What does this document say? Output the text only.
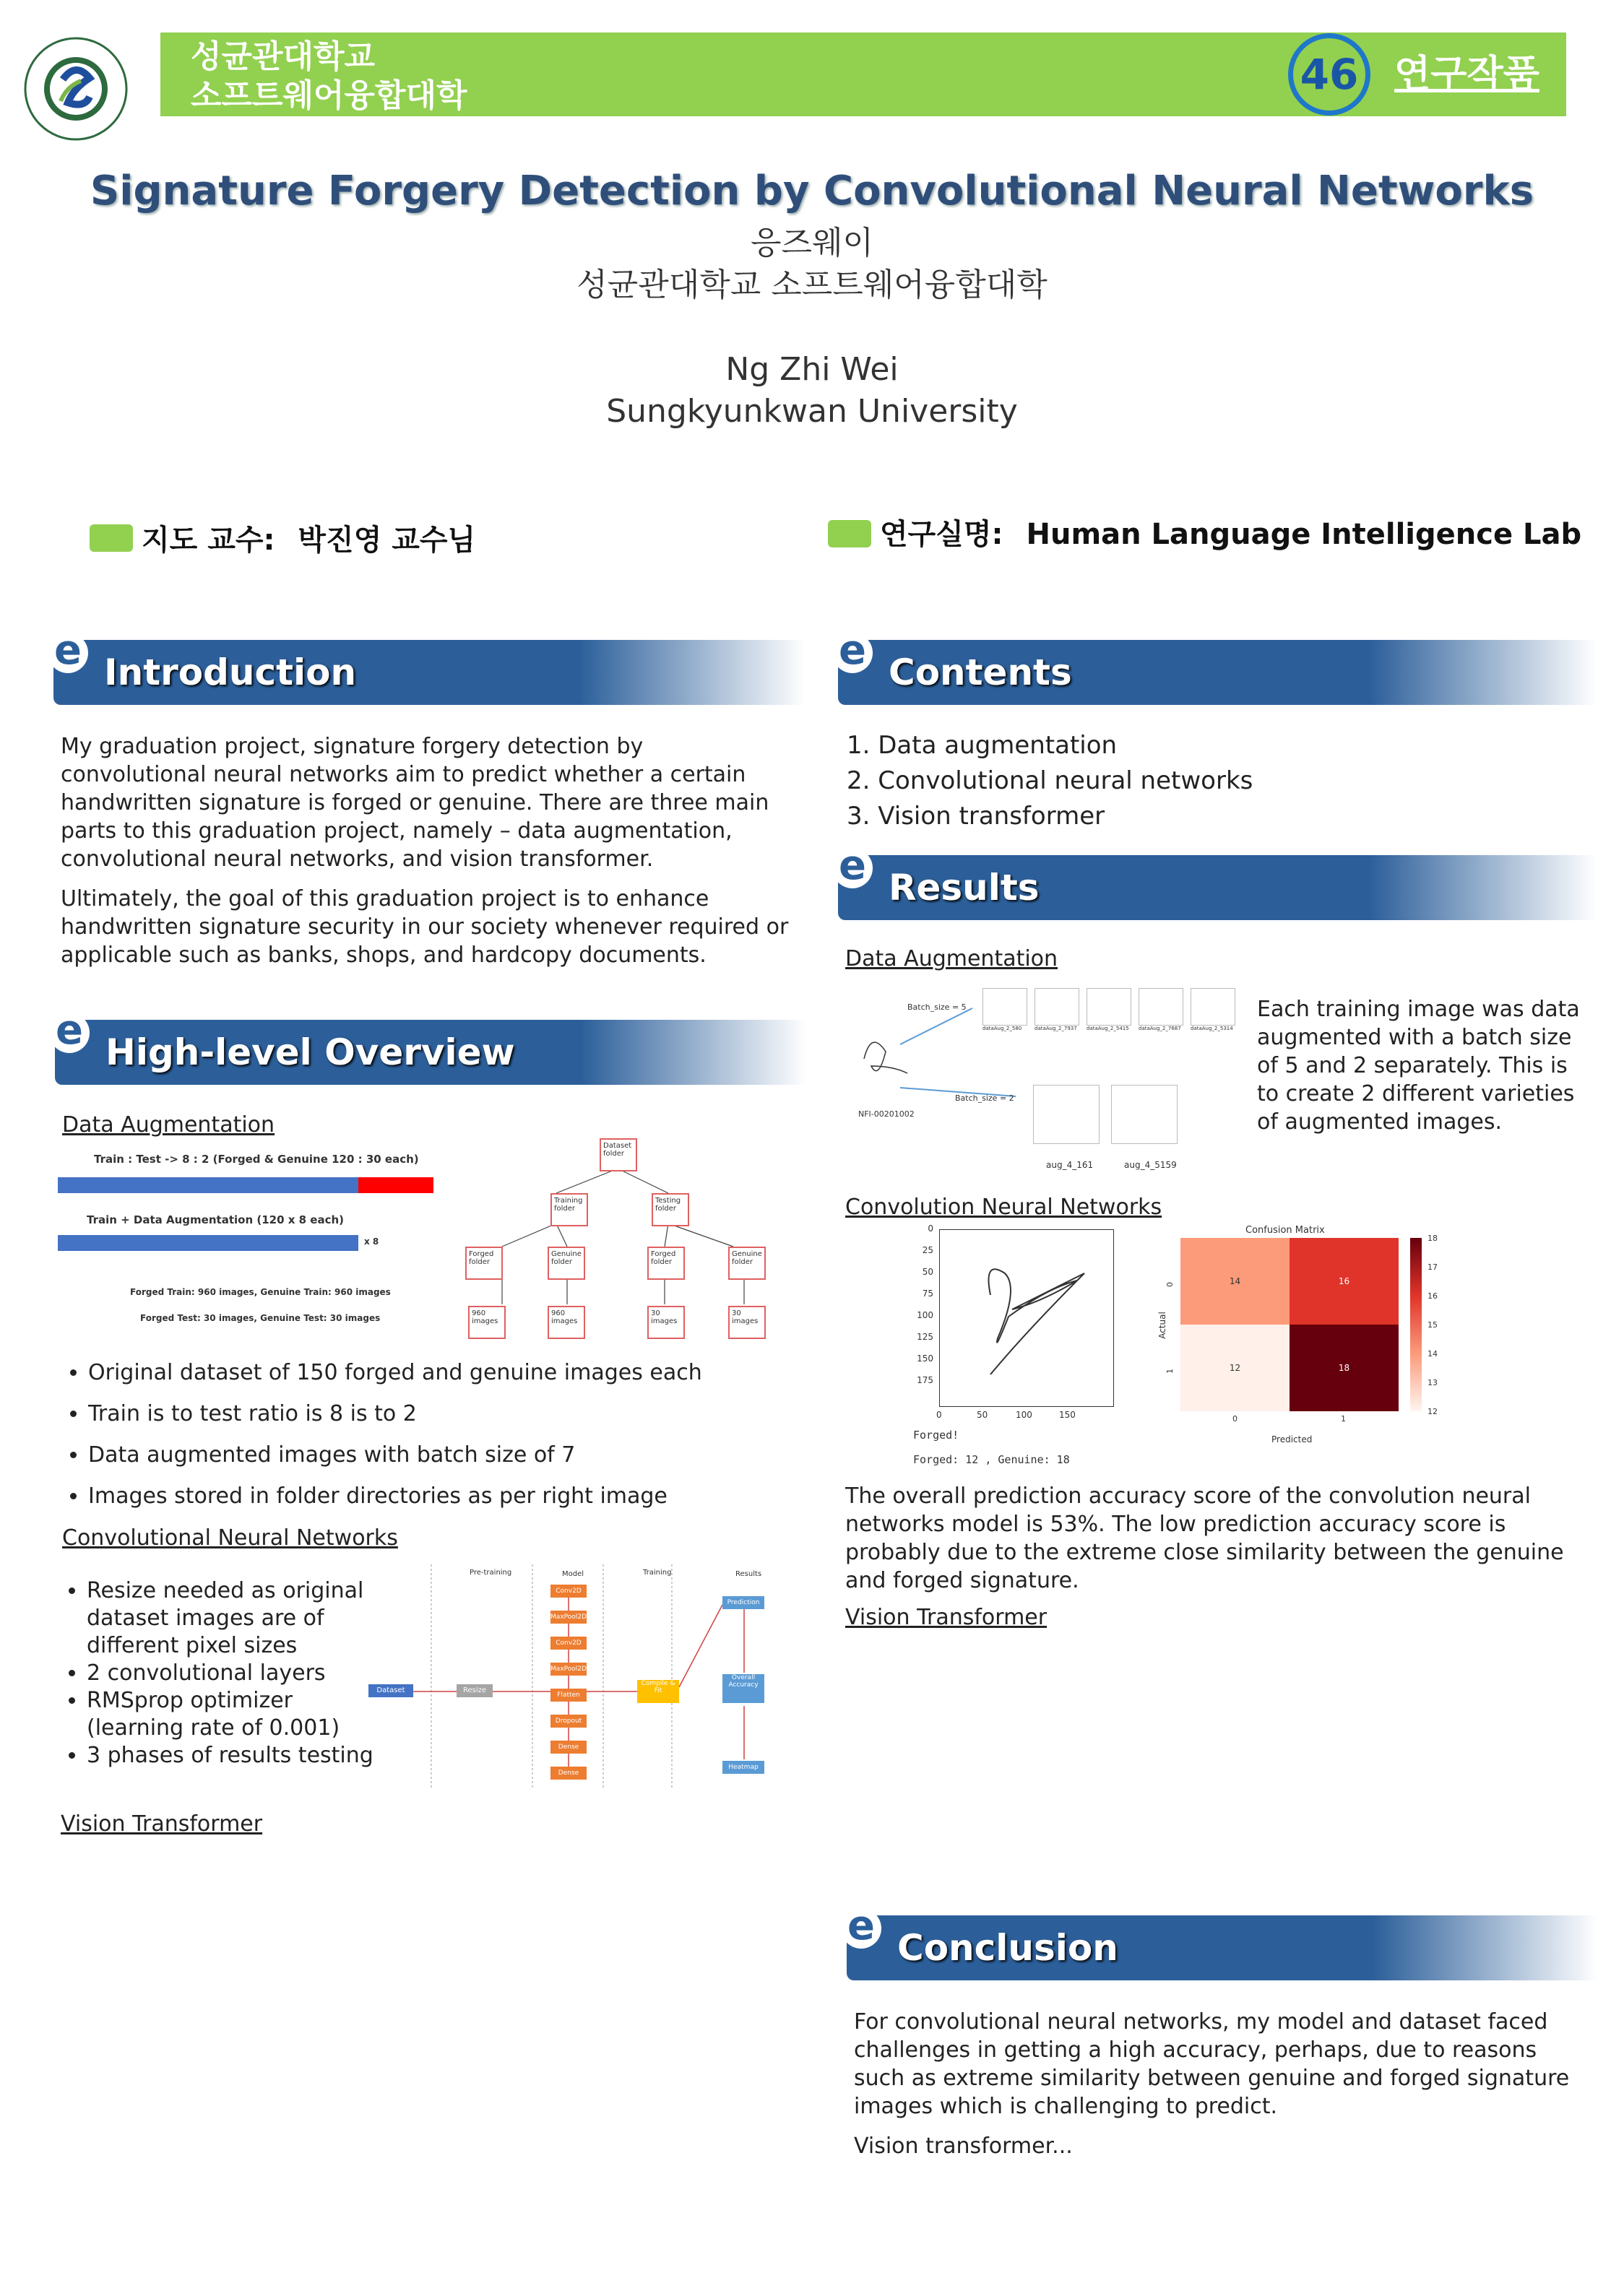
성균관대학교
소프트웨어융합대학	46 연구작품
Signature Forgery Detection by Convolutional Neural Networks
응즈웨이
성균관대학교 소프트웨어융합대학
Ng Zhi Wei
Sungkyunkwan University
지도 교수: 박진영 교수님	연구실명: Human Language Intelligence Lab
e Introduction

My graduation project, signature forgery detection by convolutional neural networks aim to predict whether a certain handwritten signature is forged or genuine. There are three main parts to this graduation project, namely – data augmentation, convolutional neural networks, and vision transformer.

Ultimately, the goal of this graduation project is to enhance handwritten signature security in our society whenever required or applicable such as banks, shops, and hardcopy documents.

e High-level Overview
Data Augmentation
Train : Test -> 8 : 2 (Forged & Genuine 120 : 30 each)
Train + Data Augmentation (120 x 8 each)
x 8
Forged Train: 960 images, Genuine Train: 960 images
Forged Test: 30 images, Genuine Test: 30 images
Dataset folder
Training folder
Testing folder
Forged folder
Genuine folder
Forged folder
Genuine folder
960 images
960 images
30 images
30 images
• Original dataset of 150 forged and genuine images each
• Train is to test ratio is 8 is to 2
• Data augmented images with batch size of 7
• Images stored in folder directories as per right image
Convolutional Neural Networks
• Resize needed as original dataset images are of different pixel sizes
• 2 convolutional layers
• RMSprop optimizer (learning rate of 0.001)
• 3 phases of results testing
Pre-training	Model	Training	Results
Dataset	Resize
Conv2D
MaxPool2D
Conv2D
MaxPool2D
Flatten
Dropout
Dense
Dense
Compile & Fit
Prediction
Overall Accuracy
Heatmap
Vision Transformer
e Contents
1. Data augmentation
2. Convolutional neural networks
3. Vision transformer
e Results
Data Augmentation
Batch_size = 5
Batch_size = 2
NFI-00201002
dataAug_2_580	dataAug_2_7937 dataAug_2_5415 dataAug_2_7687 dataAug_2_5314
aug_4_161	aug_4_5159
Each training image was data augmented with a batch size of 5 and 2 separately. This is to create 2 different varieties of augmented images.
Convolution Neural Networks
0
25
50
75
100
125
150
175
0	50	100	150
Forged!
Forged: 12 , Genuine: 18
Confusion Matrix
Actual
0
1
14	16
12	18
0	1
Predicted
18
17
16
15
14
13
12
The overall prediction accuracy score of the convolution neural networks model is 53%. The low prediction accuracy score is probably due to the extreme close similarity between the genuine and forged signature.
Vision Transformer
e Conclusion

For convolutional neural networks, my model and dataset faced challenges in getting a high accuracy, perhaps, due to reasons such as extreme similarity between genuine and forged signature images which is challenging to predict.

Vision transformer...
